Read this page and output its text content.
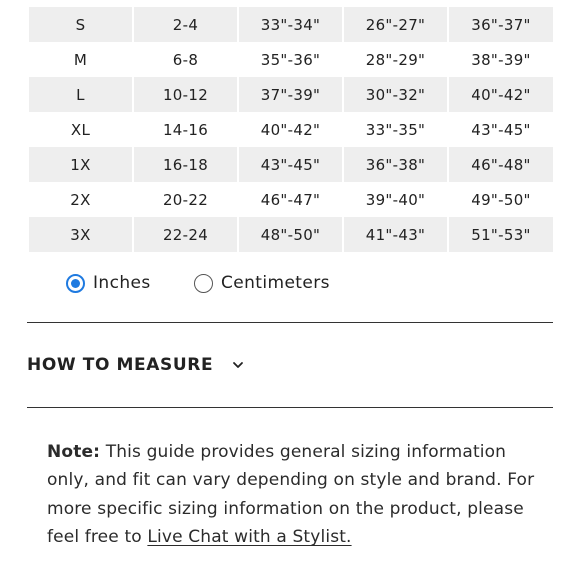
S	2-4	33"-34"	26"-27"	36"-37"
M	6-8	35"-36"	28"-29"	38"-39"
L	10-12	37"-39"	30"-32"	40"-42"
XL	14-16	40"-42"	33"-35"	43"-45"
1X	16-18	43"-45"	36"-38"	46"-48"
2X	20-22	46"-47"	39"-40"	49"-50"
3X	22-24	48"-50"	41"-43"	51"-53"
Inches	Centimeters
HOW TO MEASURE
Note: This guide provides general sizing information only, and fit can vary depending on style and brand. For more specific sizing information on the product, please feel free to Live Chat with a Stylist.
